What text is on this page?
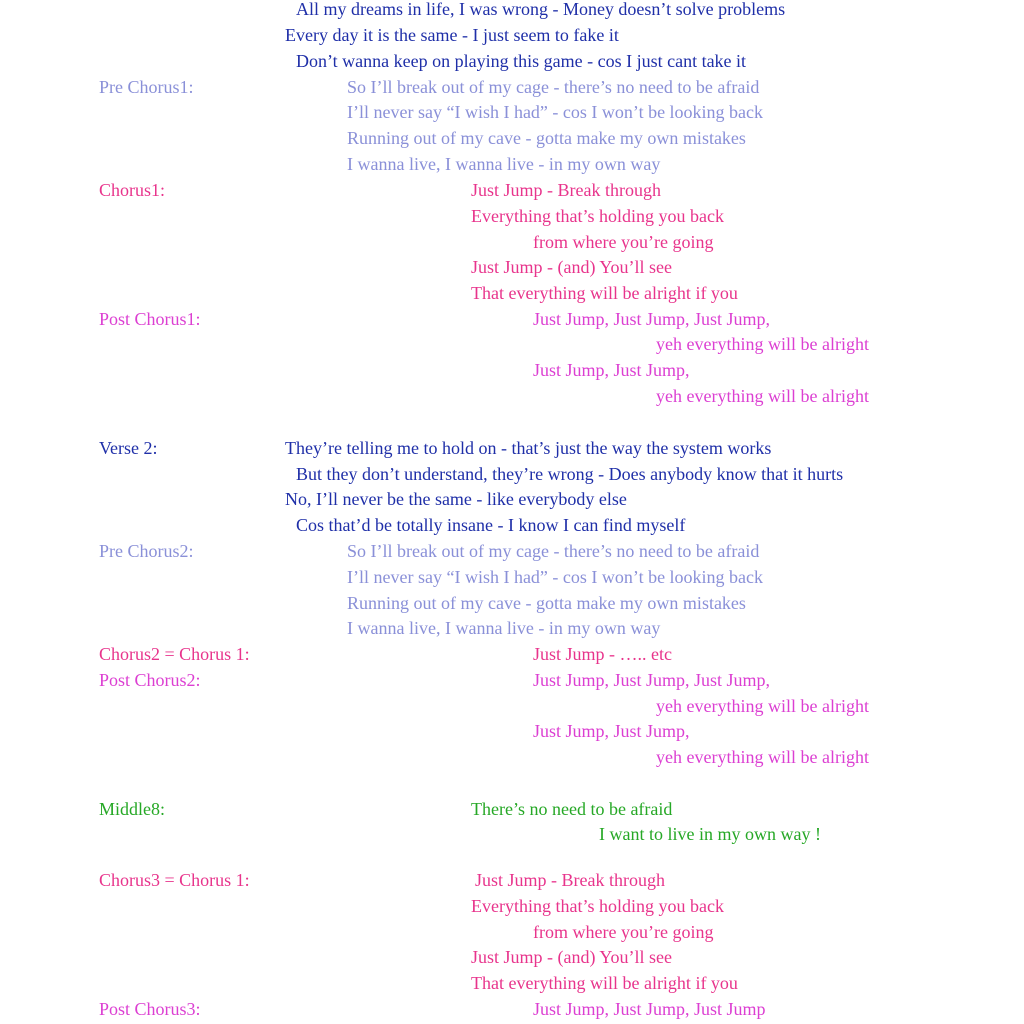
All my dreams in life, I was wrong - Money doesn’t solve problems

Every day it is the same - I just seem to fake it

Don’t wanna keep on playing this game - cos I just cant take it

Pre Chorus1:	So I’ll break out of my cage - there’s no need to be afraid

I’ll never say “I wish I had” - cos I won’t be looking back

Running out of my cave - gotta make my own mistakes

I wanna live, I wanna live - in my own way

Chorus1:	Just Jump - Break through

Everything that’s holding you back

from where you’re going

Just Jump - (and) You’ll see

That everything will be alright if you

Post Chorus1:	Just Jump, Just Jump, Just Jump,

yeh everything will be alright

Just Jump, Just Jump,

yeh everything will be alright

Verse 2:	They’re telling me to hold on - that’s just the way the system works

But they don’t understand, they’re wrong - Does anybody know that it hurts

No, I’ll never be the same - like everybody else

Cos that’d be totally insane - I know I can find myself

Pre Chorus2:	So I’ll break out of my cage - there’s no need to be afraid

I’ll never say “I wish I had” - cos I won’t be looking back

Running out of my cave - gotta make my own mistakes

I wanna live, I wanna live - in my own way

Chorus2 = Chorus 1:	Just Jump - ….. etc

Post Chorus2:	Just Jump, Just Jump, Just Jump,

yeh everything will be alright

Just Jump, Just Jump,

yeh everything will be alright

Middle8:	There’s no need to be afraid

I want to live in my own way !

Chorus3 = Chorus 1:	Just Jump - Break through

Everything that’s holding you back

from where you’re going

Just Jump - (and) You’ll see

That everything will be alright if you

Post Chorus3:	Just Jump, Just Jump, Just Jump
